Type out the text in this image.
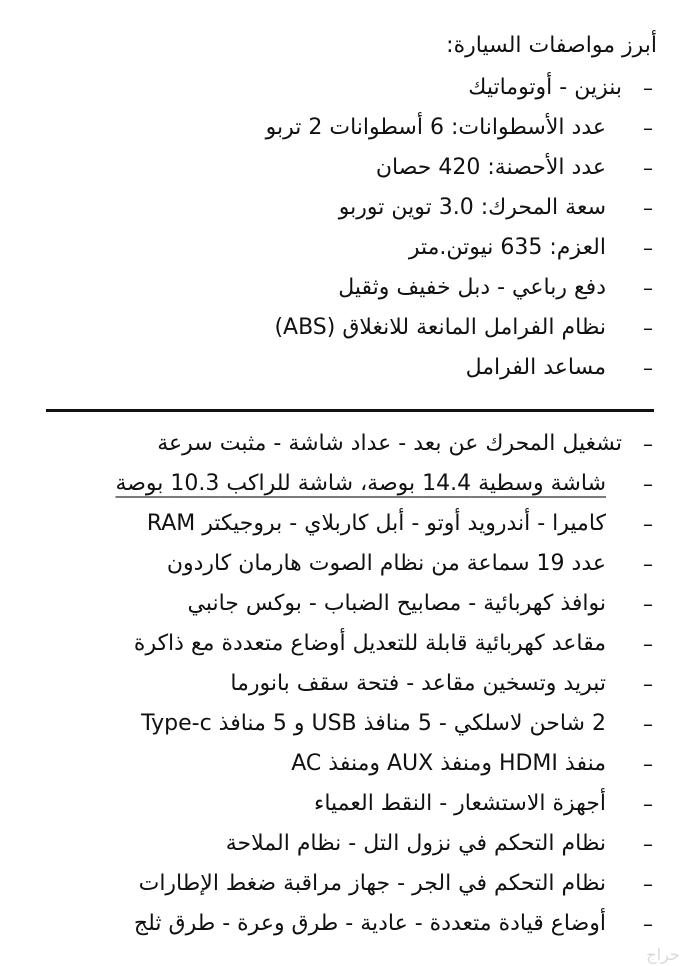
أبرز مواصفات السيارة:
–
بنزين - أوتوماتيك
–
عدد الأسطوانات: 6 أسطوانات 2 تربو
–
عدد الأحصنة: 420 حصان
–
سعة المحرك: 3.0 توين توربو
–
العزم: 635 نيوتن.متر
–
دفع رباعي - دبل خفيف وثقيل
–
نظام الفرامل المانعة للانغلاق (ABS)
–
مساعد الفرامل
–
تشغيل المحرك عن بعد - عداد شاشة - مثبت سرعة
–
شاشة وسطية 14.4 بوصة، شاشة للراكب 10.3 بوصة
–
كاميرا - أندرويد أوتو - أبل كاربلاي - بروجيكتر RAM
–
عدد 19 سماعة من نظام الصوت هارمان كاردون
–
نوافذ كهربائية - مصابيح الضباب - بوكس جانبي
–
مقاعد كهربائية قابلة للتعديل أوضاع متعددة مع ذاكرة
–
تبريد وتسخين مقاعد - فتحة سقف بانورما
–
2 شاحن لاسلكي - 5 منافذ USB و 5 منافذ Type-c
–
منفذ HDMI ومنفذ AUX ومنفذ AC
–
أجهزة الاستشعار - النقط العمياء
–
نظام التحكم في نزول التل - نظام الملاحة
–
نظام التحكم في الجر - جهاز مراقبة ضغط الإطارات
–
أوضاع قيادة متعددة - عادية - طرق وعرة - طرق ثلج
حراج
